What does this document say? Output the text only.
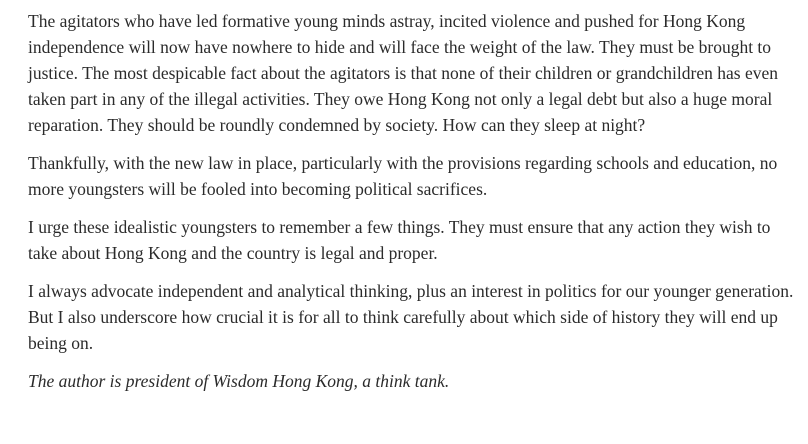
The agitators who have led formative young minds astray, incited violence and pushed for Hong Kong independence will now have nowhere to hide and will face the weight of the law. They must be brought to justice. The most despicable fact about the agitators is that none of their children or grandchildren has even taken part in any of the illegal activities. They owe Hong Kong not only a legal debt but also a huge moral reparation. They should be roundly condemned by society. How can they sleep at night?

Thankfully, with the new law in place, particularly with the provisions regarding schools and education, no more youngsters will be fooled into becoming political sacrifices.

I urge these idealistic youngsters to remember a few things. They must ensure that any action they wish to take about Hong Kong and the country is legal and proper.

I always advocate independent and analytical thinking, plus an interest in politics for our younger generation. But I also underscore how crucial it is for all to think carefully about which side of history they will end up being on.

The author is president of Wisdom Hong Kong, a think tank.
